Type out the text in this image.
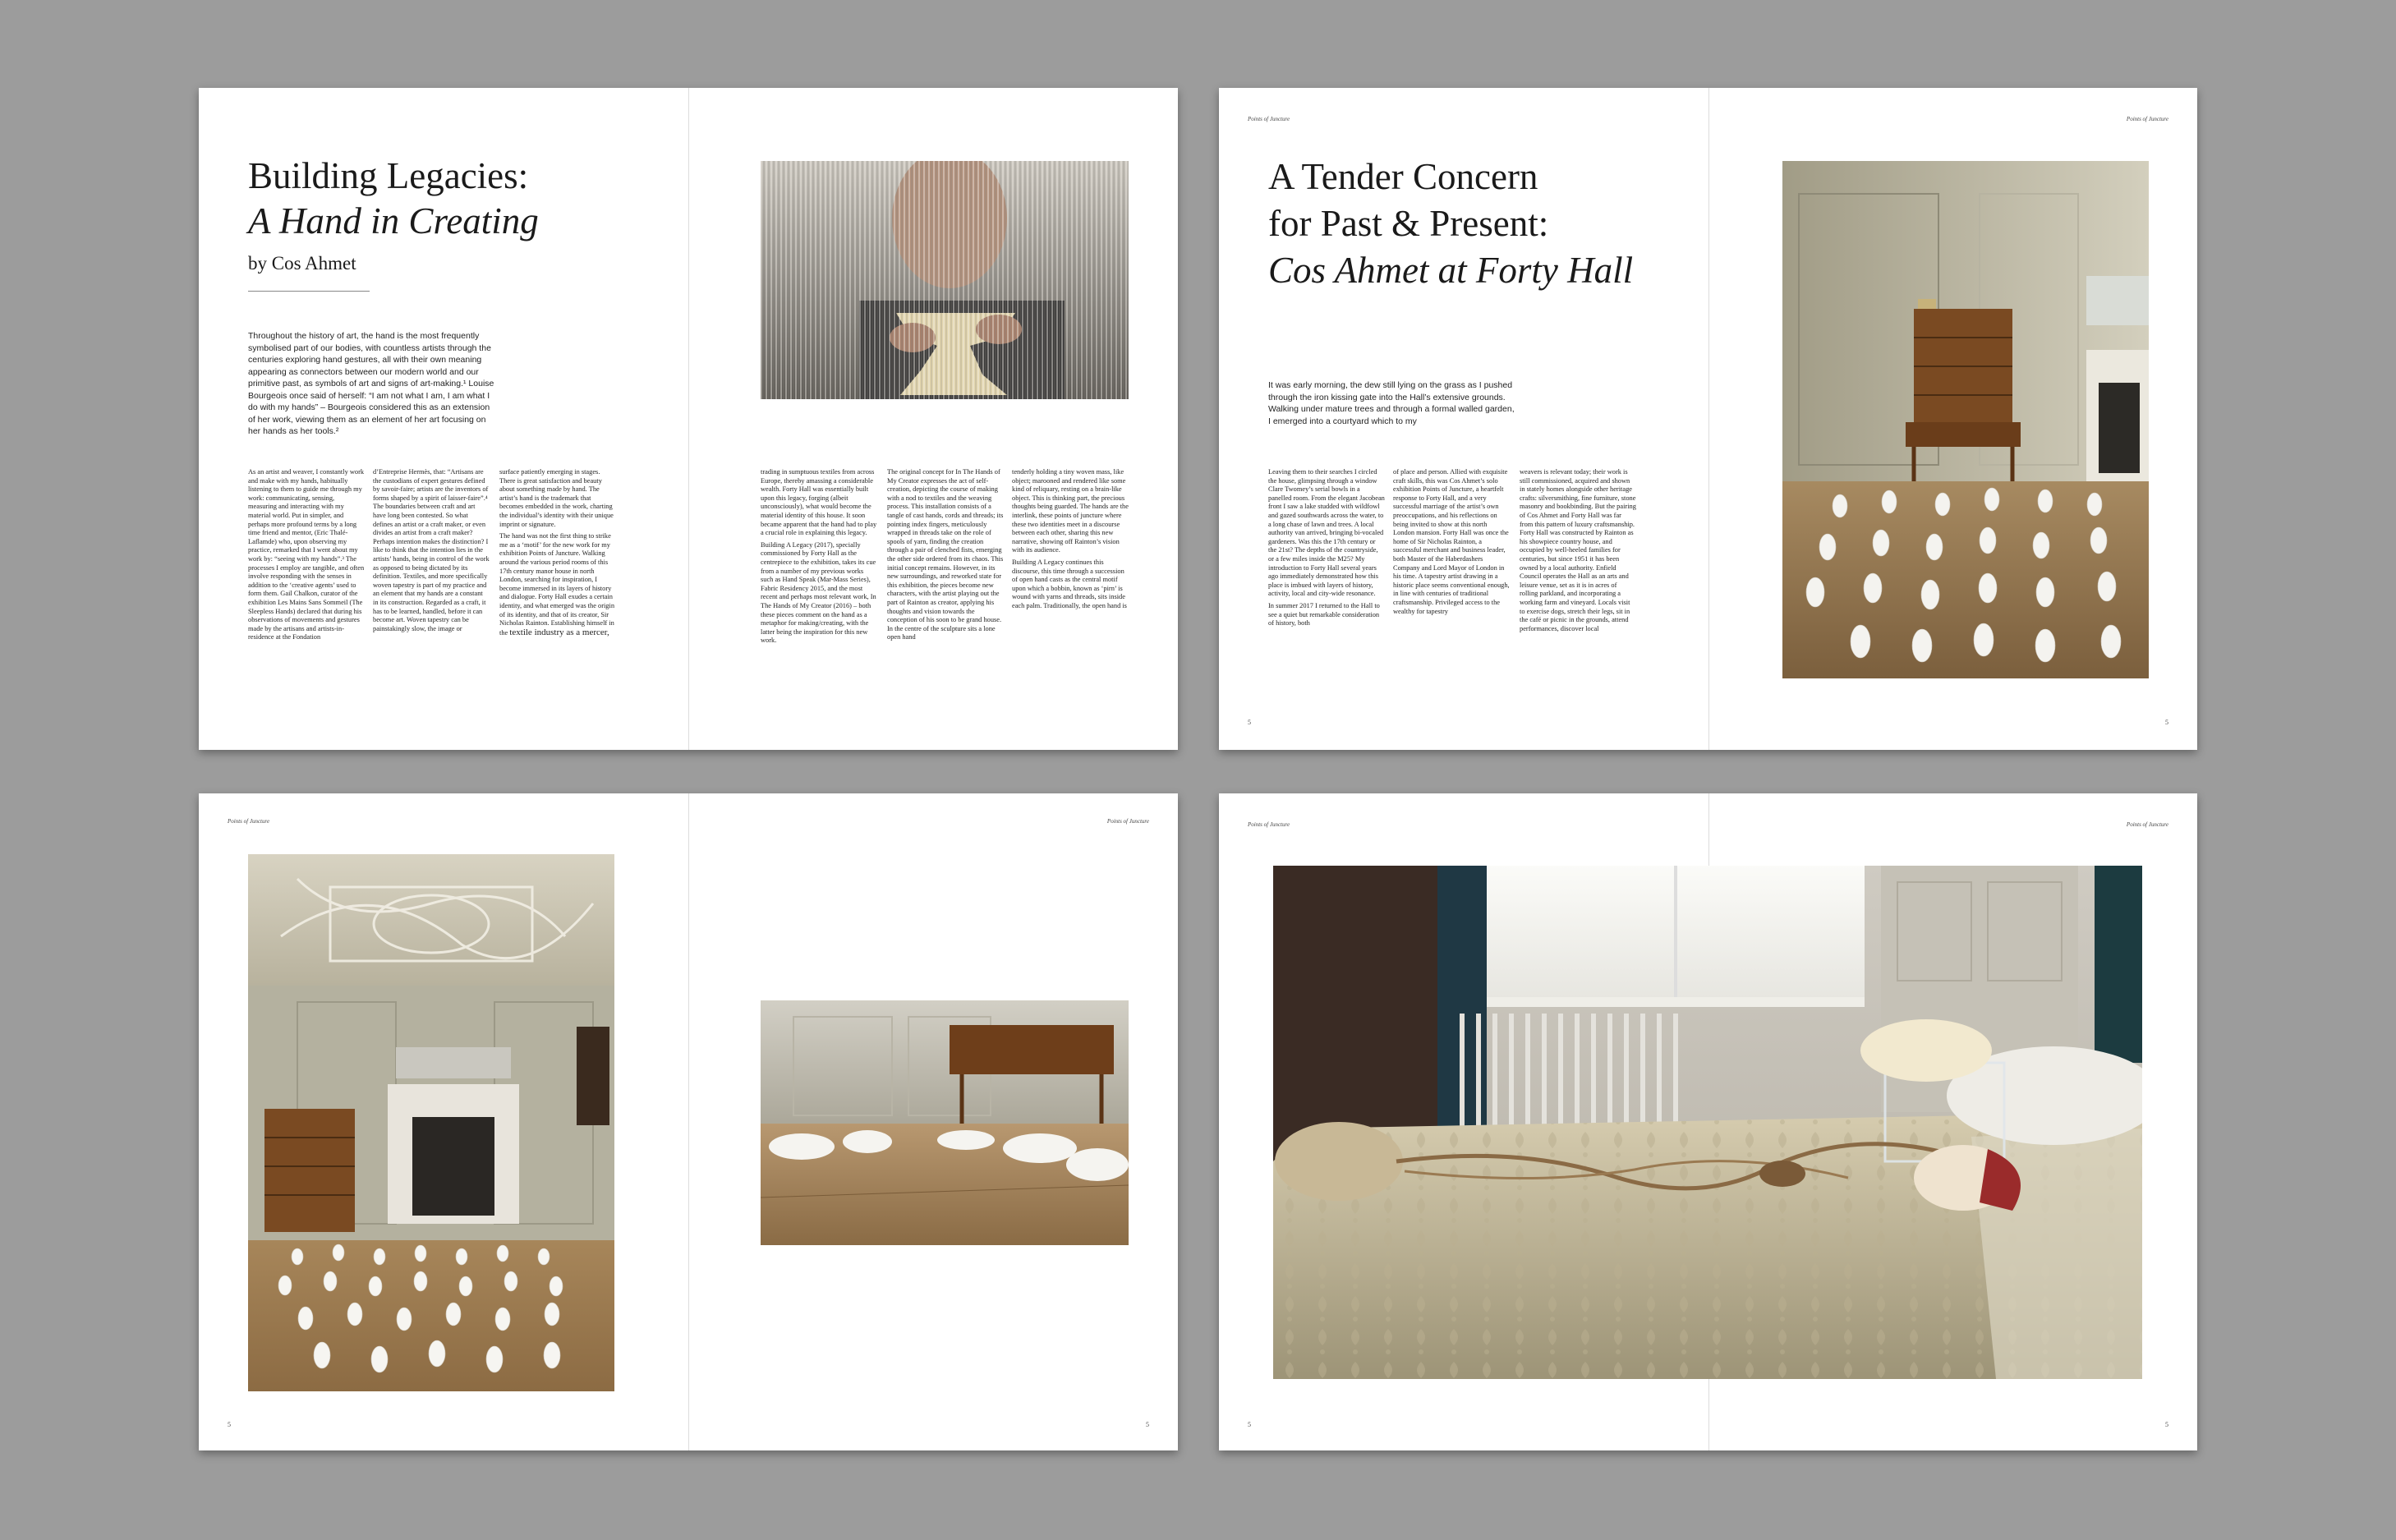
Building Legacies:
A Hand in Creating
by Cos Ahmet
Throughout the history of art, the hand is the most frequently symbolised part of our bodies, with countless artists through the centuries exploring hand gestures, all with their own meaning appearing as connectors between our modern world and our primitive past, as symbols of art and signs of art-making.¹ Louise Bourgeois once said of herself: “I am not what I am, I am what I do with my hands” – Bourgeois considered this as an extension of her work, viewing them as an element of her art focusing on her hands as her tools.²

As an artist and weaver, I constantly work and make with my hands, habitually listening to them to guide me through my work: communicating, sensing, measuring and interacting with my material world. Put in simpler, and perhaps more profound terms by a long time friend and mentor, (Eric Thalé-Laflamde) who, upon observing my practice, remarked that I went about my work by: “seeing with my hands”.³ The processes I employ are tangible, and often involve responding with the senses in addition to the ‘creative agents’ used to form them. Gail Chalkon, curator of the exhibition Les Mains Sans Sommeil (The Sleepless Hands) declared that during his observations of movements and gestures made by the artisans and artists-in-residence at the Fondation

d’Entreprise Hermès, that: “Artisans are the custodians of expert gestures defined by savoir-faire; artists are the inventors of forms shaped by a spirit of laisser-faire”.⁴ The boundaries between craft and art have long been contested. So what defines an artist or a craft maker, or even divides an artist from a craft maker? Perhaps intention makes the distinction? I like to think that the intention lies in the artists’ hands, being in control of the work as opposed to being dictated by its definition. Textiles, and more specifically woven tapestry is part of my practice and an element that my hands are a constant in its construction. Regarded as a craft, it has to be learned, handled, before it can become art. Woven tapestry can be painstakingly slow, the image or

surface patiently emerging in stages. There is great satisfaction and beauty about something made by hand. The artist’s hand is the trademark that becomes embedded in the work, charting the individual’s identity with their unique imprint or signature.

The hand was not the first thing to strike me as a ‘motif’ for the new work for my exhibition Points of Juncture. Walking around the various period rooms of this 17th century manor house in north London, searching for inspiration, I become immersed in its layers of history and dialogue. Forty Hall exudes a certain identity, and what emerged was the origin of its identity, and that of its creator, Sir Nicholas Rainton. Establishing himself in the textile industry as a mercer,

trading in sumptuous textiles from across Europe, thereby amassing a considerable wealth. Forty Hall was essentially built upon this legacy, forging (albeit unconsciously), what would become the material identity of this house. It soon became apparent that the hand had to play a crucial role in explaining this legacy.

Building A Legacy (2017), specially commissioned by Forty Hall as the centrepiece to the exhibition, takes its cue from a number of my previous works such as Hand Speak (Mar-Mass Series), Fabric Residency 2015, and the most recent and perhaps most relevant work, In The Hands of My Creator (2016) – both these pieces comment on the hand as a metaphor for making/creating, with the latter being the inspiration for this new work.

The original concept for In The Hands of My Creator expresses the act of self-creation, depicting the course of making with a nod to textiles and the weaving process. This installation consists of a tangle of cast hands, cords and threads; its pointing index fingers, meticulously wrapped in threads take on the role of spools of yarn, finding the creation through a pair of clenched fists, emerging the other side ordered from its chaos. This initial concept remains. However, in its new surroundings, and reworked state for this exhibition, the pieces become new characters, with the artist playing out the part of Rainton as creator, applying his thoughts and vision towards the conception of his soon to be grand house. In the centre of the sculpture sits a lone open hand

tenderly holding a tiny woven mass, like object; marooned and rendered like some kind of reliquary, resting on a brain-like object. This is thinking part, the precious thoughts being guarded. The hands are the interlink, these points of juncture where these two identities meet in a discourse between each other, sharing this new narrative, showing off Rainton’s vision with its audience.

Building A Legacy continues this discourse, this time through a succession of open hand casts as the central motif upon which a bobbin, known as ‘pirn’ is wound with yarns and threads, sits inside each palm. Traditionally, the open hand is

Points of Juncture	Points of Juncture
A Tender Concern
for Past & Present:
Cos Ahmet at Forty Hall
It was early morning, the dew still lying on the grass as I pushed through the iron kissing gate into the Hall’s extensive grounds. Walking under mature trees and through a formal walled garden, I emerged into a courtyard which to my

Leaving them to their searches I circled the house, glimpsing through a window Clare Twomey’s serial bowls in a panelled room. From the elegant Jacobean front I saw a lake studded with wildfowl and gazed southwards across the water, to a long chase of lawn and trees. A local authority van arrived, bringing bi-vocaled gardeners. Was this the 17th century or the 21st? The depths of the countryside, or a few miles inside the M25? My introduction to Forty Hall several years ago immediately demonstrated how this place is imbued with layers of history, activity, local and city-wide resonance.

In summer 2017 I returned to the Hall to see a quiet but remarkable consideration of history, both

of place and person. Allied with exquisite craft skills, this was Cos Ahmet’s solo exhibition Points of Juncture, a heartfelt response to Forty Hall, and a very successful marriage of the artist’s own preoccupations, and his reflections on being invited to show at this north London mansion. Forty Hall was once the home of Sir Nicholas Rainton, a successful merchant and business leader, both Master of the Haberdashers Company and Lord Mayor of London in his time. A tapestry artist drawing in a historic place seems conventional enough, in line with centuries of traditional craftsmanship. Privileged access to the wealthy for tapestry

weavers is relevant today; their work is still commissioned, acquired and shown in stately homes alongside other heritage crafts: silversmithing, fine furniture, stone masonry and bookbinding. But the pairing of Cos Ahmet and Forty Hall was far from this pattern of luxury craftsmanship. Forty Hall was constructed by Rainton as his showpiece country house, and occupied by well-heeled families for centuries, but since 1951 it has been owned by a local authority. Enfield Council operates the Hall as an arts and leisure venue, set as it is in acres of rolling parkland, and incorporating a working farm and vineyard. Locals visit to exercise dogs, stretch their legs, sit in the café or picnic in the grounds, attend performances, discover local

5	5
Points of Juncture	Points of Juncture
5	5
Points of Juncture	Points of Juncture
5	5
